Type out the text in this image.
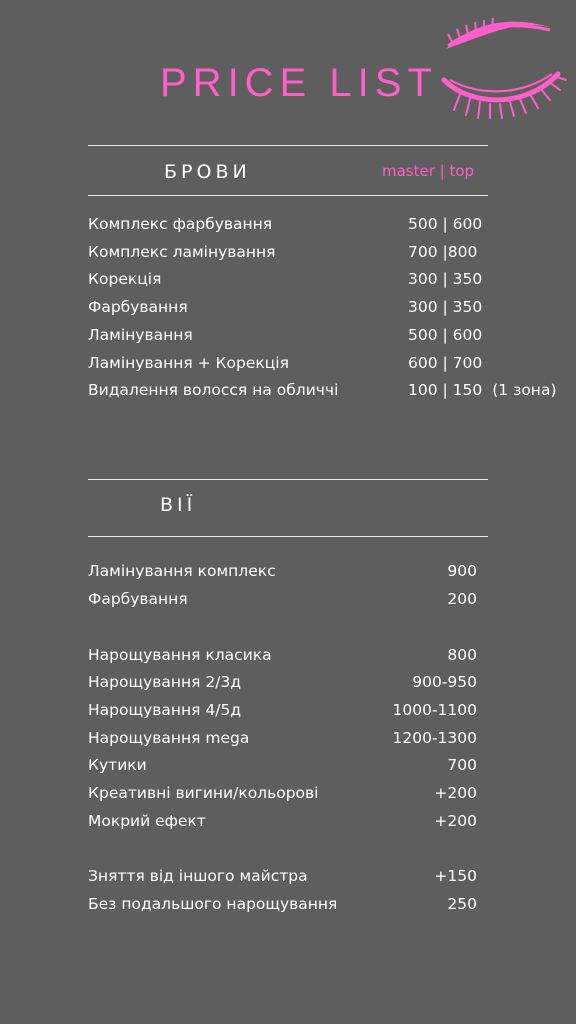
PRICE LIST
БРОВИ	master | top
Комплекс фарбування	500 | 600
Комплекс ламінування	700 |800
Корекція	300 | 350
Фарбування	300 | 350
Ламінування	500 | 600
Ламінування + Корекція	600 | 700
Видалення волосся на обличчі	100 | 150 (1 зона)
ВІЇ
Ламінування комплекс	900
Фарбування	200
Нарощування класика	800
Нарощування 2/3д	900-950
Нарощування 4/5д	1000-1100
Нарощування mega	1200-1300
Кутики	700
Креативні вигини/кольорові	+200
Мокрий ефект	+200
Зняття від іншого майстра	+150
Без подальшого нарощування	250
